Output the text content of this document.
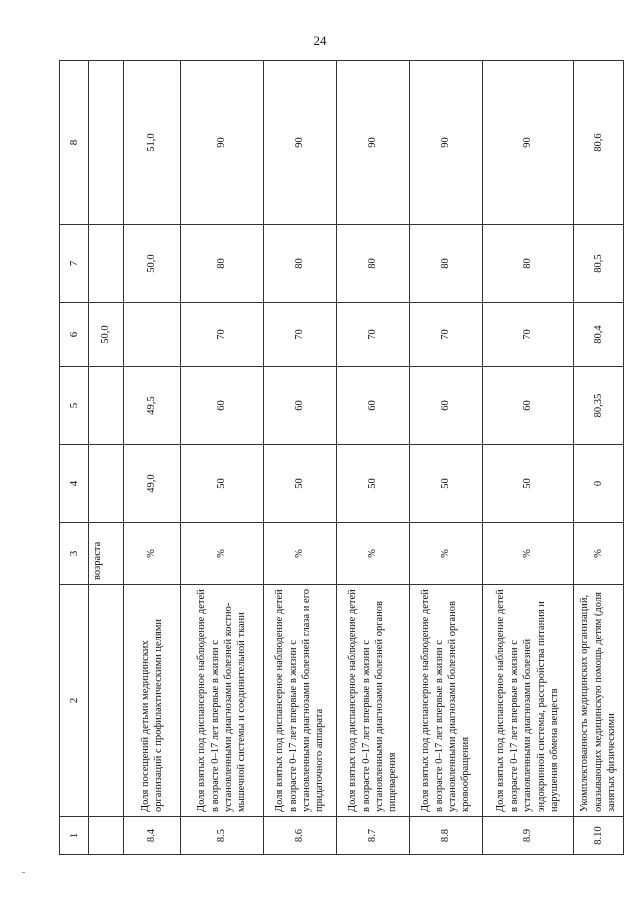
24
1	2	3	4	5	6	7	8
		возраста			50,0		
8.4	Доля посещений детьми медицинских организаций с профилактическими целями	%	49,0	49,5		50,0	51,0
8.5	Доля взятых под диспансерное наблюдение детей в возрасте 0–17 лет впервые в жизни с установленными диагнозами болезней костно-мышечной системы и соединительной ткани	%	50	60	70	80	90
8.6	Доля взятых под диспансерное наблюдение детей в возрасте 0–17 лет впервые в жизни с установленными диагнозами болезней глаза и его придаточного аппарата	%	50	60	70	80	90
8.7	Доля взятых под диспансерное наблюдение детей в возрасте 0–17 лет впервые в жизни с установленными диагнозами болезней органов пищеварения	%	50	60	70	80	90
8.8	Доля взятых под диспансерное наблюдение детей в возрасте 0–17 лет впервые в жизни с установленными диагнозами болезней органов кровообращения	%	50	60	70	80	90
8.9	Доля взятых под диспансерное наблюдение детей в возрасте 0–17 лет впервые в жизни с установленными диагнозами болезней эндокринной системы, расстройства питания и нарушения обмена веществ	%	50	60	70	80	90
8.10	Укомплектованность медицинских организаций, оказывающих медицинскую помощь детям (доля занятых физическими	%	0	80,35	80,4	80,5	80,6
